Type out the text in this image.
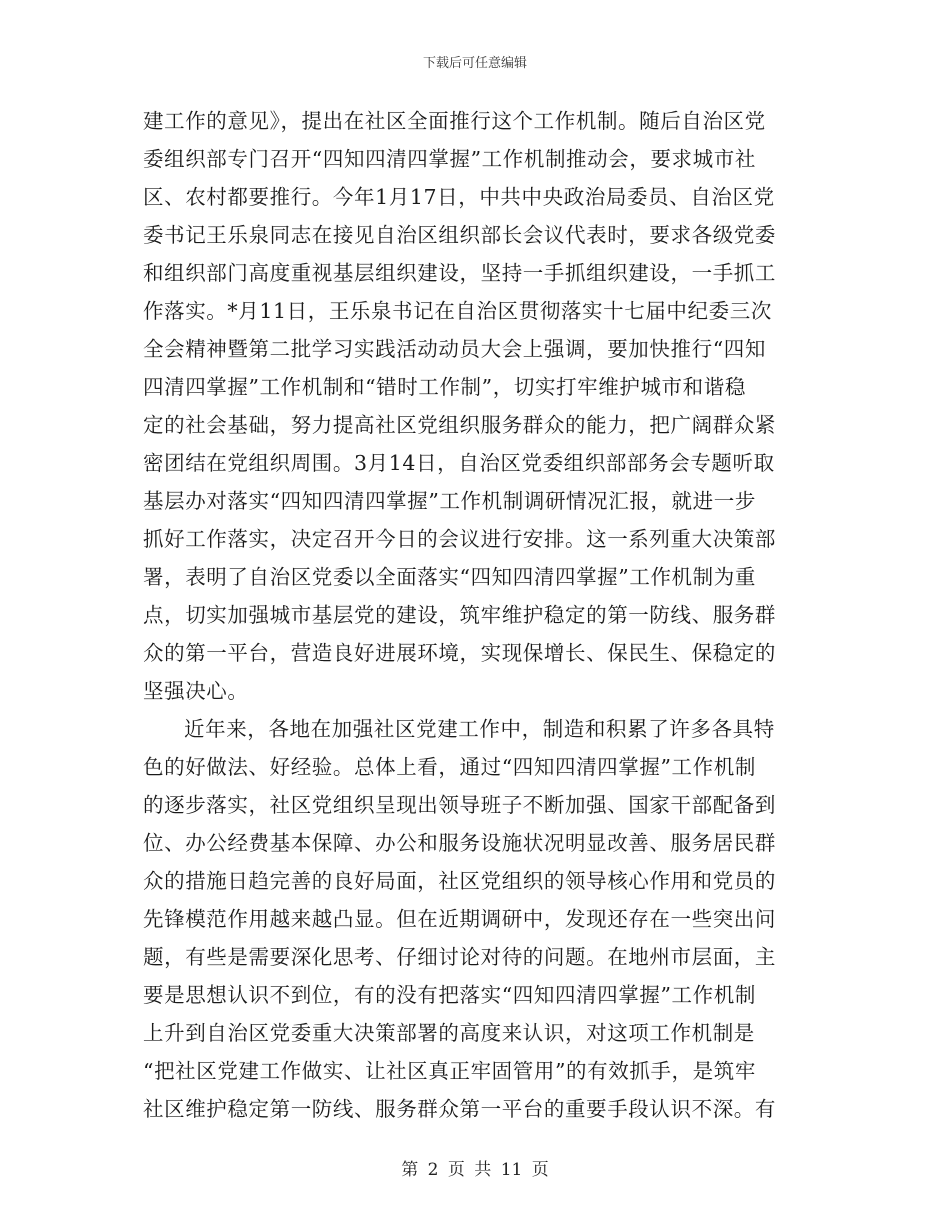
下载后可任意编辑
建工作的意见》，提出在社区全面推行这个工作机制。随后自治区党
委组织部专门召开“四知四清四掌握”工作机制推动会，要求城市社
区、农村都要推行。今年1月17日，中共中央政治局委员、自治区党
委书记王乐泉同志在接见自治区组织部长会议代表时，要求各级党委
和组织部门高度重视基层组织建设，坚持一手抓组织建设，一手抓工
作落实。*月11日，王乐泉书记在自治区贯彻落实十七届中纪委三次
全会精神暨第二批学习实践活动动员大会上强调，要加快推行“四知
四清四掌握”工作机制和“错时工作制”，切实打牢维护城市和谐稳
定的社会基础，努力提高社区党组织服务群众的能力，把广阔群众紧
密团结在党组织周围。3月14日，自治区党委组织部部务会专题听取
基层办对落实“四知四清四掌握”工作机制调研情况汇报，就进一步
抓好工作落实，决定召开今日的会议进行安排。这一系列重大决策部
署，表明了自治区党委以全面落实“四知四清四掌握”工作机制为重
点，切实加强城市基层党的建设，筑牢维护稳定的第一防线、服务群
众的第一平台，营造良好进展环境，实现保增长、保民生、保稳定的
坚强决心。
近年来，各地在加强社区党建工作中，制造和积累了许多各具特
色的好做法、好经验。总体上看，通过“四知四清四掌握”工作机制
的逐步落实，社区党组织呈现出领导班子不断加强、国家干部配备到
位、办公经费基本保障、办公和服务设施状况明显改善、服务居民群
众的措施日趋完善的良好局面，社区党组织的领导核心作用和党员的
先锋模范作用越来越凸显。但在近期调研中，发现还存在一些突出问
题，有些是需要深化思考、仔细讨论对待的问题。在地州市层面，主
要是思想认识不到位，有的没有把落实“四知四清四掌握”工作机制
上升到自治区党委重大决策部署的高度来认识，对这项工作机制是
“把社区党建工作做实、让社区真正牢固管用”的有效抓手，是筑牢
社区维护稳定第一防线、服务群众第一平台的重要手段认识不深。有
第 2 页 共 11 页
